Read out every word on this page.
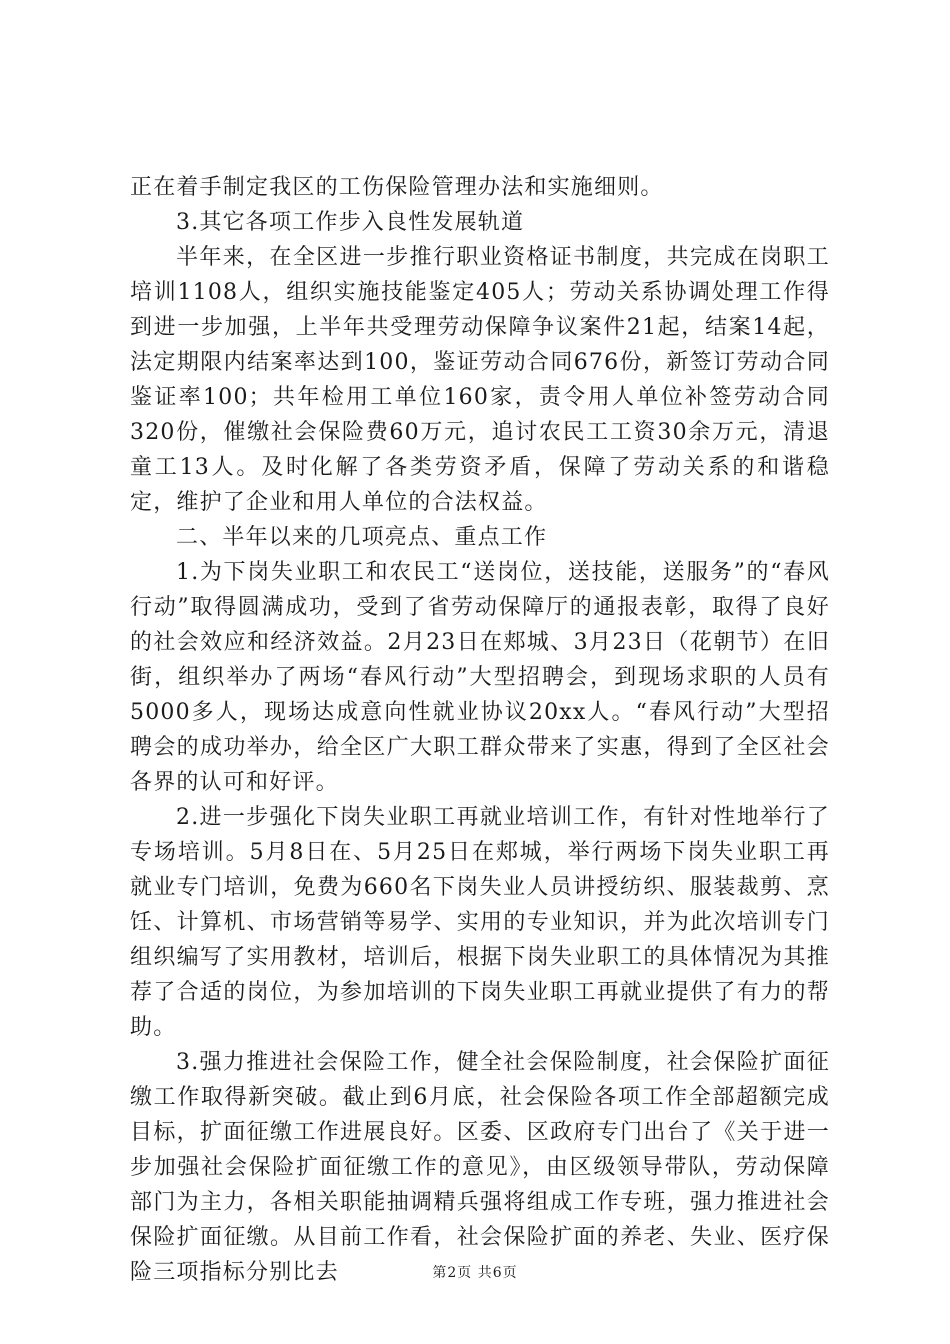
正在着手制定我区的工伤保险管理办法和实施细则。

3.其它各项工作步入良性发展轨道

半年来，在全区进一步推行职业资格证书制度，共完成在岗职工培训1108人，组织实施技能鉴定405人；劳动关系协调处理工作得到进一步加强，上半年共受理劳动保障争议案件21起，结案14起，法定期限内结案率达到100，鉴证劳动合同676份，新签订劳动合同鉴证率100；共年检用工单位160家，责令用人单位补签劳动合同320份，催缴社会保险费60万元，追讨农民工工资30余万元，清退童工13人。及时化解了各类劳资矛盾，保障了劳动关系的和谐稳定，维护了企业和用人单位的合法权益。

二、半年以来的几项亮点、重点工作

1.为下岗失业职工和农民工“送岗位，送技能，送服务”的“春风行动”取得圆满成功，受到了省劳动保障厅的通报表彰，取得了良好的社会效应和经济效益。2月23日在郏城、3月23日（花朝节）在旧街，组织举办了两场“春风行动”大型招聘会，到现场求职的人员有5000多人，现场达成意向性就业协议20xx人。“春风行动”大型招聘会的成功举办，给全区广大职工群众带来了实惠，得到了全区社会各界的认可和好评。

2.进一步强化下岗失业职工再就业培训工作，有针对性地举行了专场培训。5月8日在、5月25日在郏城，举行两场下岗失业职工再就业专门培训，免费为660名下岗失业人员讲授纺织、服装裁剪、烹饪、计算机、市场营销等易学、实用的专业知识，并为此次培训专门组织编写了实用教材，培训后，根据下岗失业职工的具体情况为其推荐了合适的岗位，为参加培训的下岗失业职工再就业提供了有力的帮助。

3.强力推进社会保险工作，健全社会保险制度，社会保险扩面征缴工作取得新突破。截止到6月底，社会保险各项工作全部超额完成目标，扩面征缴工作进展良好。区委、区政府专门出台了《关于进一步加强社会保险扩面征缴工作的意见》，由区级领导带队，劳动保障部门为主力，各相关职能抽调精兵强将组成工作专班，强力推进社会保险扩面征缴。从目前工作看，社会保险扩面的养老、失业、医疗保险三项指标分别比去	第2页 共6页
